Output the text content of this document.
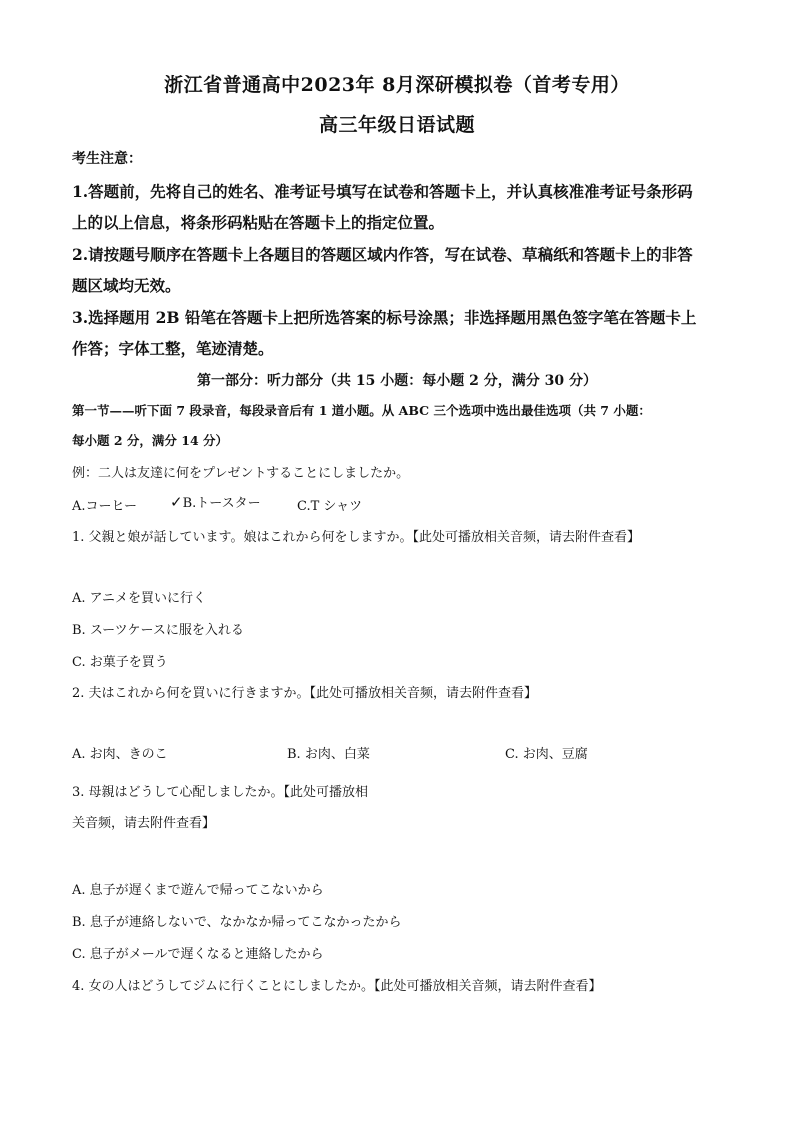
浙江省普通高中2023年 8月深研模拟卷（首考专用）
高三年级日语试题
考生注意：
1.答题前，先将自己的姓名、准考证号填写在试卷和答题卡上，并认真核准准考证号条形码
上的以上信息，将条形码粘贴在答题卡上的指定位置。
2.请按题号顺序在答题卡上各题目的答题区域内作答，写在试卷、草稿纸和答题卡上的非答
题区域均无效。
3.选择题用 2B 铅笔在答题卡上把所选答案的标号涂黑；非选择题用黑色签字笔在答题卡上
作答；字体工整，笔迹清楚。
第一部分：听力部分（共 15 小题：每小题 2 分，满分 30 分）
第一节——听下面 7 段录音，每段录音后有 1 道小题。从 ABC 三个选项中选出最佳选项（共 7 小题：
每小题 2 分，满分 14 分）
例：二人は友達に何をプレゼントすることにしましたか。
A.コーヒー ✓B.トースター	C.T シャツ
1. 父親と娘が話しています。娘はこれから何をしますか。【此处可播放相关音频，请去附件查看】
A. アニメを買いに行く
B. スーツケースに服を入れる
C. お菓子を買う
2. 夫はこれから何を買いに行きますか。【此处可播放相关音频，请去附件查看】
A. お肉、きのこ	B. お肉、白菜	C. お肉、豆腐
3. 母親はどうして心配しましたか。【此处可播放相
关音频，请去附件查看】
A. 息子が遅くまで遊んで帰ってこないから
B. 息子が連絡しないで、なかなか帰ってこなかったから
C. 息子がメールで遅くなると連絡したから
4. 女の人はどうしてジムに行くことにしましたか。【此处可播放相关音频，请去附件查看】
